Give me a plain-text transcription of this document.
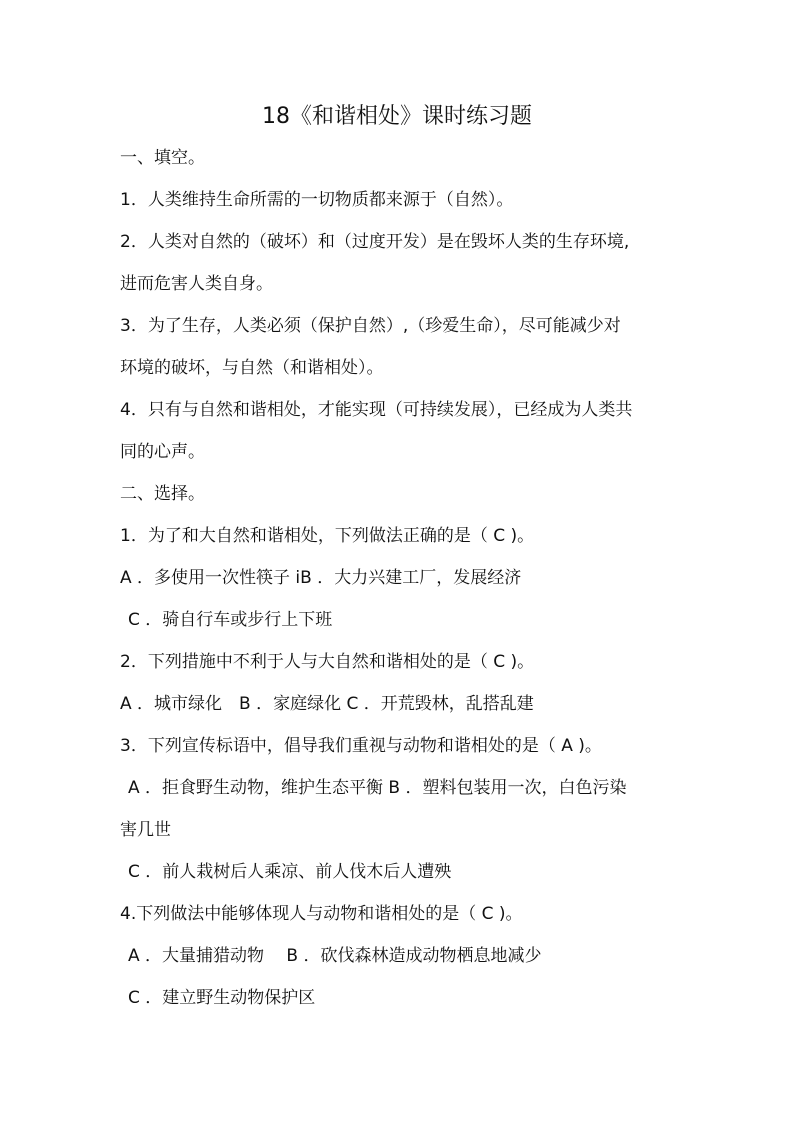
18《和谐相处》课时练习题
一、填空。
1．人类维持生命所需的一切物质都来源于（自然）。
2．人类对自然的（破坏）和（过度开发）是在毁坏人类的生存环境,
进而危害人类自身。
3．为了生存，人类必须（保护自然）,（珍爱生命），尽可能减少对
环境的破坏，与自然（和谐相处）。
4．只有与自然和谐相处，才能实现（可持续发展），已经成为人类共
同的心声。
二、选择。
1．为了和大自然和谐相处，下列做法正确的是（ C )。
A ．多使用一次性筷子 iB ．大力兴建工厂，发展经济
C ．骑自行车或步行上下班
2．下列措施中不利于人与大自然和谐相处的是（ C )。
A ．城市绿化　B ．家庭绿化 C ．开荒毁林，乱搭乱建
3．下列宣传标语中，倡导我们重视与动物和谐相处的是（ A )。
A ．拒食野生动物，维护生态平衡 B ．塑料包装用一次，白色污染
害几世
C ．前人栽树后人乘凉、前人伐木后人遭殃
4.下列做法中能够体现人与动物和谐相处的是（ C )。
A ．大量捕猎动物　 B ．砍伐森林造成动物栖息地减少
C ．建立野生动物保护区
